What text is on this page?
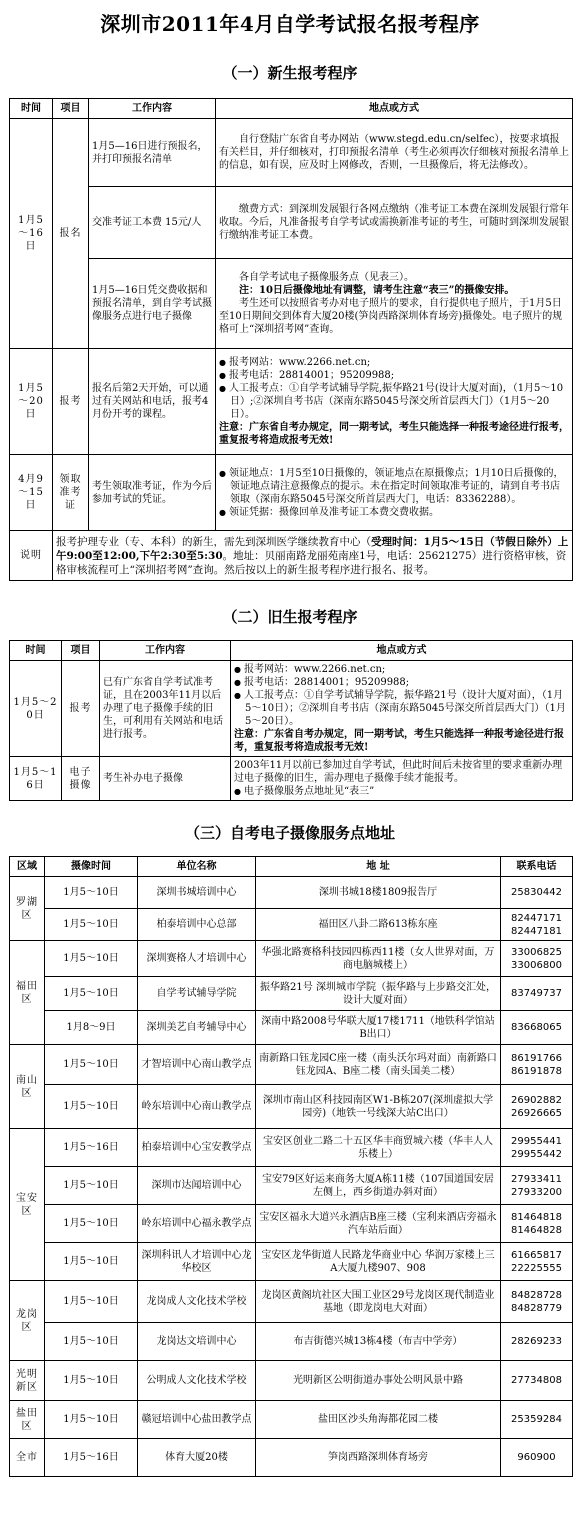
深圳市2011年4月自学考试报名报考程序
（一）新生报考程序
时间	项目	工作内容	地点或方式
1月5～16日	报名	1月5—16日进行预报名，并打印预报名清单	自行登陆广东省自考办网站（www.stegd.edu.cn/selfec），按要求填报有关栏目，并仔细核对，打印预报名清单（考生必须再次仔细核对预报名清单上的信息，如有误，应及时上网修改，否则，一旦摄像后，将无法修改）。
		交准考证工本费 15元/人	缴费方式：到深圳发展银行各网点缴纳（准考证工本费在深圳发展银行常年收取。今后，凡准备报考自学考试或需换新准考证的考生，可随时到深圳发展银行缴纳准考证工本费。
		1月5—16日凭交费收据和预报名清单，到自学考试摄像服务点进行电子摄像	各自学考试电子摄像服务点（见表三）。
注：10日后摄像地址有调整，请考生注意“表三”的摄像安排。
考生还可以按照省考办对电子照片的要求，自行提供电子照片，于1月5日至10日期间交到体育大厦20楼(笋岗西路深圳体育场旁)摄像处。电子照片的规格可上“深圳招考网”查询。

1月5～20日	报考	报名后第2天开始，可以通过有关网站和电话，报考4月份开考的课程。	● 报考网站：www.2266.net.cn;
● 报考电话：28814001；95209988;
● 人工报考点：①自学考试辅导学院,振华路21号(设计大厦对面)，（1月5～10日）;②深圳自考书店（深南东路5045号深交所首层西大门）（1月5～20日）。
注意：广东省自考办规定，同一期考试，考生只能选择一种报考途径进行报考，重复报考将造成报考无效!

4月9～15日	领取准考证	考生领取准考证，作为今后参加考试的凭证。	● 领证地点：1月5至10日摄像的，领证地点在原摄像点；1月10日后摄像的，领证地点请注意摄像点的提示。未在指定时间领取准考证的，请到自考书店领取（深南东路5045号深交所首层西大门，电话：83362288）。
● 领证凭据：摄像回单及准考证工本费交费收据。

说明	报考护理专业（专、本科）的新生，需先到深圳医学继续教育中心（受理时间：1月5～15日（节假日除外）上午9:00至12:00,下午2:30至5:30。地址：贝丽南路龙丽苑南座1号，电话：25621275）进行资格审核，资格审核流程可上“深圳招考网”查询。然后按以上的新生报考程序进行报名、报考。		
（二）旧生报考程序
时间	项目	工作内容	地点或方式
1月5～20日	报考	已有广东省自学考试准考证，且在2003年11月以后办理了电子摄像手续的旧生，可利用有关网站和电话进行报考。	● 报考网站：www.2266.net.cn;
● 报考电话：28814001；95209988;
● 人工报考点：①自学考试辅导学院，振华路21号（设计大厦对面），（1月5～10日）；②深圳自考书店（深南东路5045号深交所首层西大门）（1月5～20日）。
注意：广东省自考办规定，同一期考试，考生只能选择一种报考途径进行报考，重复报考将造成报考无效!

1月5～16日	电子摄像	考生补办电子摄像	2003年11月以前已参加过自学考试，但此时间后未按省里的要求重新办理过电子摄像的旧生，需办理电子摄像手续才能报考。
● 电子摄像服务点地址见“表三”
（三）自考电子摄像服务点地址
区域	摄像时间	单位名称	地 址	联系电话
罗湖区	1月5～10日	深圳书城培训中心	深圳书城18楼1809报告厅	25830442

	1月5～10日	柏泰培训中心总部	福田区八卦二路613栋东座	82447171
82447181

福田区	1月5～10日	深圳赛格人才培训中心	华强北路赛格科技园四栋西11楼（女人世界对面，万商电脑城楼上）	33006825
33006800

	1月5～10日	自学考试辅导学院	振华路21号 深圳城市学院（振华路与上步路交汇处，设计大厦对面）	83749737

	1月8～9日	深圳美艺自考辅导中心	深南中路2008号华联大厦17楼1711（地铁科学馆站B出口）	83668065

南山区	1月5～10日	才智培训中心南山教学点	南新路口钰龙园C座一楼（南头沃尔玛对面）南新路口钰龙园A、B座二楼（南头国美二楼）	86191766
86191878

	1月5～10日	岭东培训中心南山教学点	深圳市南山区科技园南区W1-B栋207(深圳虚拟大学园旁)（地铁一号线深大站C出口）	26902882
26926665

宝安区	1月5～16日	柏泰培训中心宝安教学点	宝安区创业二路二十五区华丰商贸城六楼（华丰人人乐楼上）	29955441
29955442

	1月5～10日	深圳市达闻培训中心	宝安79区好运来商务大厦A栋11楼（107国道国安居左侧上，西乡街道办斜对面）	27933411
27933200

	1月5～10日	岭东培训中心福永教学点	宝安区福永大道兴永酒店B座三楼（宝利来酒店旁福永汽车站后面）	81464818
81464828

	1月5～10日	深圳科讯人才培训中心龙华校区	宝安区龙华街道人民路龙华商业中心 华润万家楼上三A大厦九楼907、908	61665817
22225555

龙岗区	1月5～10日	龙岗成人文化技术学校	龙岗区黄阁坑社区大围工业区29号龙岗区现代制造业基地（即龙岗电大对面）	84828728
84828779

	1月5～10日	龙岗达文培训中心	布吉街德兴城13栋4楼（布吉中学旁）	28269233

光明新区	1月5～10日	公明成人文化技术学校	光明新区公明街道办事处公明风景中路	27734808

盐田区	1月5～10日	赣冠培训中心盐田教学点	盐田区沙头角海都花园二楼	25359284

全市	1月5～16日	体育大厦20楼	笋岗西路深圳体育场旁	960900
